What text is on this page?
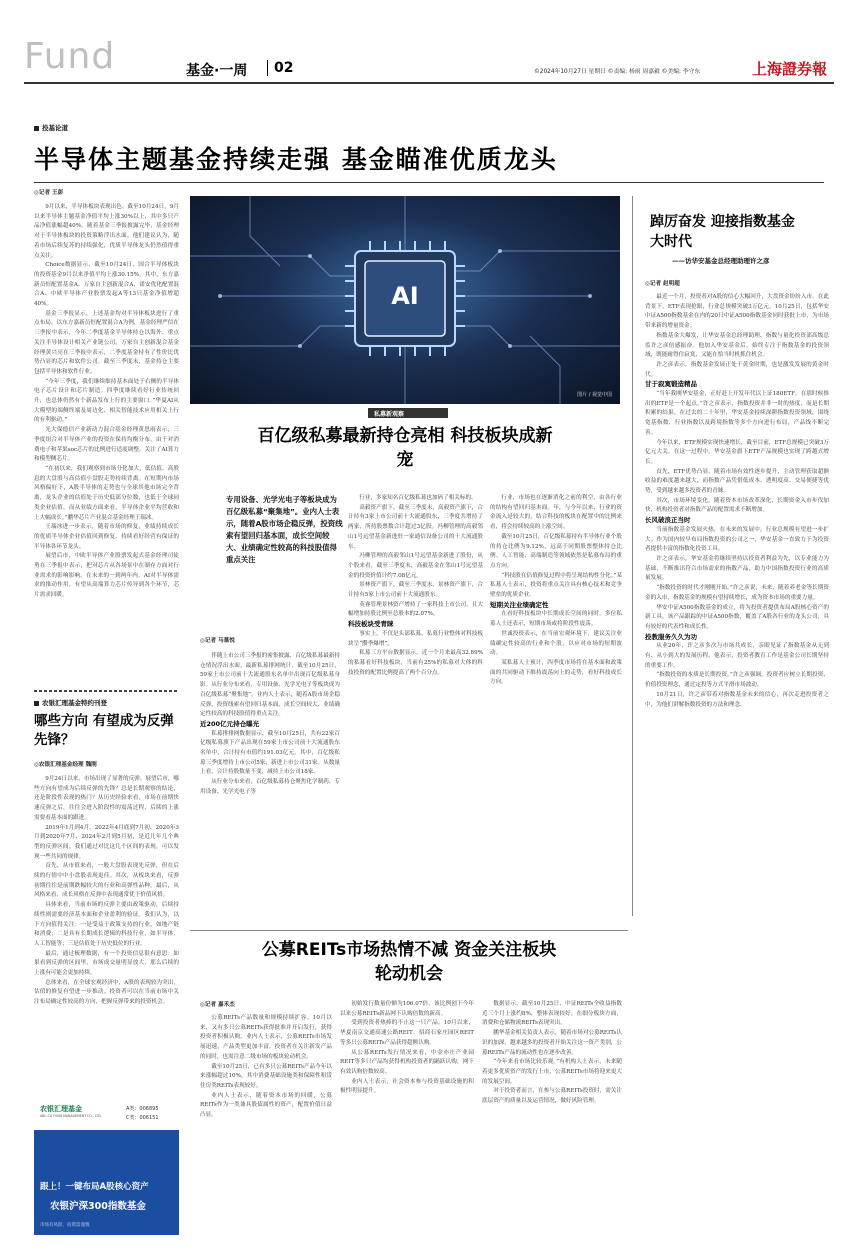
Fund	基金·一周 02	©2024年10月27日 星期日 ©责编: 杨雨 周嘉毅 ©美编: 李守东	上海證券報
投基论道
半导体主题基金持续走强 基金瞄准优质龙头
◎记者 王彭

9月以来，半导体板块表现出色。截至10月24日，9月以来半导体主题基金净值平均上涨30%以上，其中多只产品净值涨幅超40%。随着基金三季报披露完毕，基金经理对于半导体板块的投资策略浮出水面。他们建议认为，随着市场后续复苏的持续强化，优质半导体龙头仍然值得重点关注。

Choice数据显示，截至10月24日，国合半导体板块的投资基金9月以来净值平均上涨30.15%。其中，东方嘉新员恒配置基金A、万家自主创新混合A、诺安优化配置混合A、中欧半导体产业股票发起A等13只基金净值增超40%。

基金三季报显示，上述基金均对半导体板块进行了重点布局。以东方嘉新员恒配置混合A为例，基金经理严信在三季报中表示，今年二季度基金半导体持仓以海外、重点关注半导体设计相关产业链公司。万家自主创新混合基金经理黄兴亮在三季报中表示，二季度基金持有了性价比优势凸显的芯片和软件公司。截至三季度末，基金持仓主要包括半导体和软件行业。

“今年三季度，我们继续维持基本面处于右侧的半导体电子芯片设计和芯片制造。四季度继续看好行业传统回升，也总体仍然有个新品发布上行的主要窗口。”华夏AI从大模型的端侧终端及周边化、相关智能技术应用相关上行的有利驱动。”

光大保德信产业新动力混合基金经理黄思雨表示，三季度组合对半导体产业的投资在保持均衡分布。由于对消费电子和苹果soc芯片的比例进行适度调整，关注了AI算力和模型侧芯片。

“在初以来，我们观察到市场分化加大，低估值、高股息的大盘股与高估值小盘股走势持续背离。在短期内市场风格偏好下，A股半导体的走势也与全球其他市场完全背离，龙头企业的估值处于历史低部分位数，也低于全球同类企业估值。而从业绩方面来看，半导体企业平均营收和上大幅成长。”鹏华芯片产业混合基金经理王瑞冰。

王瑞冰进一步表示，随着市场的修复，业绩持续成长的优质半导体企业估值回到修复。持续看好经营有保证的半导体各环节龙头。

展望后市，中欧半导体产业股票发起式基金经理司徒勇在三季报中表示，把对芯片从各场景中在制存方面对行业需求的影响影响。在未来的一到两年内，AI对半导体需求的推动作用，有望从高端算力芯片传导到各个环节，芯片需求回暖。

AI
图片 / 视觉中国
私募新观察
百亿级私募最新持仓亮相 科技板块成新宠
专用设备、光学光电子等板块成为百亿级私募“聚集地”。业内人士表示，随着A股市场企稳反弹，投资线索有望回归基本面，成长空间较大、业绩确定性较高的科技股值得重点关注
◎记者 马慕悦

伴随上市公司三季报的密集披露，百亿级私募最新持仓情况浮出水面。最新私募排网统计，截至10月25日，59家上市公司前十大流通股东名单中出现百亿级私募身影。从行业分布来看，专用设备、光学光电子等板块成为百亿级私募“聚集地”。业内人士表示，随着A股市场企稳反弹，投资线索有望回归基本面，成长空间较大、业绩确定性较高的科技股值得重点关注。

近200亿元持仓曝光

私募排排网数据显示，截至10月25日，共有22家百亿级私募旗下产品出现在59家上市公司前十大流通股东名单中，合计持有市值约191.03亿元。其中，百亿级私募三季度增持上市公司5家，新进上市公司31家。从数量上看，合计持股数量不变、减持上市公司18家。

从行业分布来看，百亿级私募持仓聚焦化学制药、专用设备、光学光电子等

行业，多家知名百亿级私募也加码了相关标的。

高毅资产旗下，截至三季度末，高毅资产旗下，合计持有3家上市公司前十大流通股东，三季度共增持了两家，所持股票数合计超过3亿股。冯柳管理的高毅邻山1号远望基金新进驻一家通信设备公司的十大流通股东。

冯柳管理的高毅邻山1号远望基金新进了股份，从个股来看，截至三季度末，高毅基金在邻山1号远望基金的投资价值计约7.08亿元。

景林资产旗下，截至三季度末，景林资产旗下，合计持有5家上市公司前十大流通股东。

英睿管理景林资产增持了一家科技上市公司，且大幅增加持股比例至总股本的2.07%。

科技板块受青睐

事实上，不仅是头部私募，私募行业整体对科技板块呈“攒季爆增”。

私募三方平台数据显示，近一个月来最高32.89%的私募看好科技板块，当前有25%的私募对大体的科技投资的配置比例提高了两个百分点。

行业，市场也在逐渐消化之前的利空，由各行业的结构有望回归基本面。年，与今年以来，行业的资金流入是较大的，结合科技的板块在配置中的比例来看，将会持续较高的上涨空间。

截至10月25日，百亿级私募持有半导体行业个股的持仓比例为9.12%，远高于同期股票整体持仓比例。人工智能、高端制造等领域依然是私募布局的重点方向。

“科技股在估值修复过程中将呈现结构性分化。”某私募人士表示，投资将重点关注具有核心技术和竞争壁垒的优质企业。

短期关注业绩确定性

在看好科技板块中长期成长空间的同时，多位私募人士还表示，短期市场或将阶段性震荡。

世诚投资表示，在当前宏观环境下，建议关注业绩确定性较高的行业和个股，以应对市场的短期波动。

某私募人士预计，四季度市场将在基本面和政策面的共同驱动下维持震荡向上的走势，看好科技成长方向。

农银汇理基金特约刊登
哪些方向 有望成为反弹先锋？
◎农银汇理基金经理 魏刚

9月24日以来，市场出现了显著的反弹。展望后市，哪些方向有望成为后续反弹的先锋？总是长期观察的结论，还是阶段性表现的热门？从历史经验来看，市场在前期快速反弹之后，往往会进入阶段性的震荡过程，后续的上涨需要看基本面的跟进。

2019年1月到4月、2022年4月底到7月初、2020年3月到2020年7月、2024年2月到5月初，是近几年几个典型的反弹区间。我们通过对比这几个区间的表现，可以发现一些共同的规律。

首先，从市值来看，一般大盘股表现先反弹，但在后续的行情中中小盘股表现更佳。其次，从板块来看，反弹初期往往是前期跌幅较大的行业和高弹性品种。最后，从风格来看，成长风格在反弹中表现通常优于价值风格。

具体来看，当前市场的反弹主要由政策驱动，后续持续性则需要经济基本面和企业盈利的验证。我们认为，以下方向值得关注：一是受益于政策支持的行业，如地产链和消费；二是具有长期成长逻辑的科技行业，如半导体、人工智能等；三是估值处于历史低位的行业。

最后，通过梳理数据，有一个投资信息很有意思：如果看到反弹的区间里，市场成交量明显放大，那么后续的上涨有可能会更加持续。

总体来看，在全球宏观经济中，A股的表现较为突出，估值的修复有望进一步推动。投资者可以在当前市场中关注布局确定性较高的方向，把握反弹带来的投资机会。

农银汇理基金
ABC-CA FUND MANAGEMENT CO., LTD.
A类：006895
C类：006151
跟上！一键布局A股核心资产
农银沪深300指数基金
市场有风险，投资需谨慎
踔厉奋发 迎接指数基金大时代
——访华安基金总经理助理许之彦
◎记者 赵明超

最近一个月，投资者对A股的信心大幅回升，大盘资金纷纷入市。在此背景下，ETF表现抢眼，行业总规模突破3万亿元。10月25日，包括华安中证A500指数基金在内的20只中证A500指数基金同时获批上市，为市场带来新的增量资金。

指数基金大爆发，让华安基金总经理助理、指数与量化投资部高级总监许之彦倍感振奋。他加入华安基金后，始终专注于指数基金的投资领域，既能耐得住寂寞，又能在恰当时机抓住机会。

许之彦表示，指数基金发展正处于黄金时期，也是激发发展的黄金时代。

甘于寂寞锻造精品

“当年我刚华安基金，正好赶上开发年代以上证180ETF，在那时候推出的ETF是一个起点。”许之彦表示，指数投资并非一时的热度，而是长期积累的结果。在过去的二十年里，华安基金持续深耕指数投资领域，围绕宽基指数、行业指数以及跨境指数等多个方向进行布局，产品线不断完善。

今年以来，ETF规模实现快速增长，截至目前，ETF总规模已突破3万亿元大关。在这一过程中，华安基金旗下ETF产品规模也实现了跨越式增长。

首先，ETF优势凸显。随着市场有效性逐步提升，主动管理获取超额收益的难度越来越大，而指数产品凭借低成本、透明度高、交易便捷等优势，受到越来越多投资者的青睐。

其次，市场环境变化。随着资本市场改革深化，长期资金入市步伐加快，机构投资者对指数产品的配置需求不断增加。

长风破浪正当时

当前指数基金发展火热，在未来的发展中，行业总规模有望进一步扩大。作为国内较早布局指数投资的公司之一，华安基金一直致力于为投资者提供丰富的指数化投资工具。

许之彦表示，华安基金将继续坚持以投资者利益为先，以专业能力为基础，不断推出符合市场需求的指数产品，助力中国指数投资行业的高质量发展。

“指数投资的时代才刚刚开始。”许之彦说，未来，随着养老金等长期资金的入市，指数基金的规模有望持续增长，成为资本市场的重要力量。

华安中证A500指数基金的成立，将为投资者提供布局A股核心资产的新工具。该产品跟踪的中证A500指数，覆盖了A股各行业的龙头公司，具有较好的代表性和成长性。

投教服务久久为功

从业20年，许之彦多次与市场共成长，亲眼见证了指数基金从无到有、从小到大的发展历程。他表示，投资者教育工作是基金公司长期坚持的重要工作。

“指数投资的本质是长期投资。”许之彦强调，投资者应树立长期投资、价值投资理念，通过定投等方式平滑市场波动。

10月21日，许之彦带着对指数基金未来的信心，再次走进投资者之中，为他们讲解指数投资的方法和理念。

公募REITs市场热情不减 资金关注板块轮动机会
◎记者 嘉禾杰

公募REITs产品数量和规模持续扩容。10月以来，又有多只公募REITs获得批准并开启发行，获得投资者积极认购。业内人士表示，公募REITs市场发展迅速，产品类型更加丰富，投资者在关注新发产品的同时，也需注意二级市场的板块轮动机会。

截至10月25日，已有多只公募REITs产品今年以来涨幅超过10%，其中消费基础设施类和保障性租赁住房类REITs表现较好。

业内人士表示，随着资本市场的回暖，公募REITs作为一类兼具股债属性的资产，配置价值日益凸显。

初始发行数量份额为106.07倍，该比例创下今年以来公募REITs新品网下认购倍数的新高。

受到投资者热捧的不止这一只产品。10月以来，华夏南京交通高速公路REIT、招商石家庄园区REIT等多只公募REITs产品获得超额认购。

从公募REITs发行情况来看，中金亦庄产业园REIT等多只产品均获得机构投资者的踊跃认购，网下有效认购倍数较高。

业内人士表示，社会资本参与投资基础设施的积极性明显提升。

数据显示，截至10月25日，中证REITs全收益指数近三个月上涨约8%，整体表现较好。在细分板块方面，消费和仓储物流REITs表现突出。

鹏华基金相关负责人表示，随着市场对公募REITs认识的加深，越来越多的投资者开始关注这一资产类别，公募REITs产品的流动性也在逐步改善。

“今年来看市场比较乐观。”有机构人士表示，未来随着更多优质资产的发行上市，公募REITs市场将迎来更大的发展空间。

对于投资者而言，在参与公募REITs投资时，需关注底层资产的质量以及运营情况，做好风险管理。
